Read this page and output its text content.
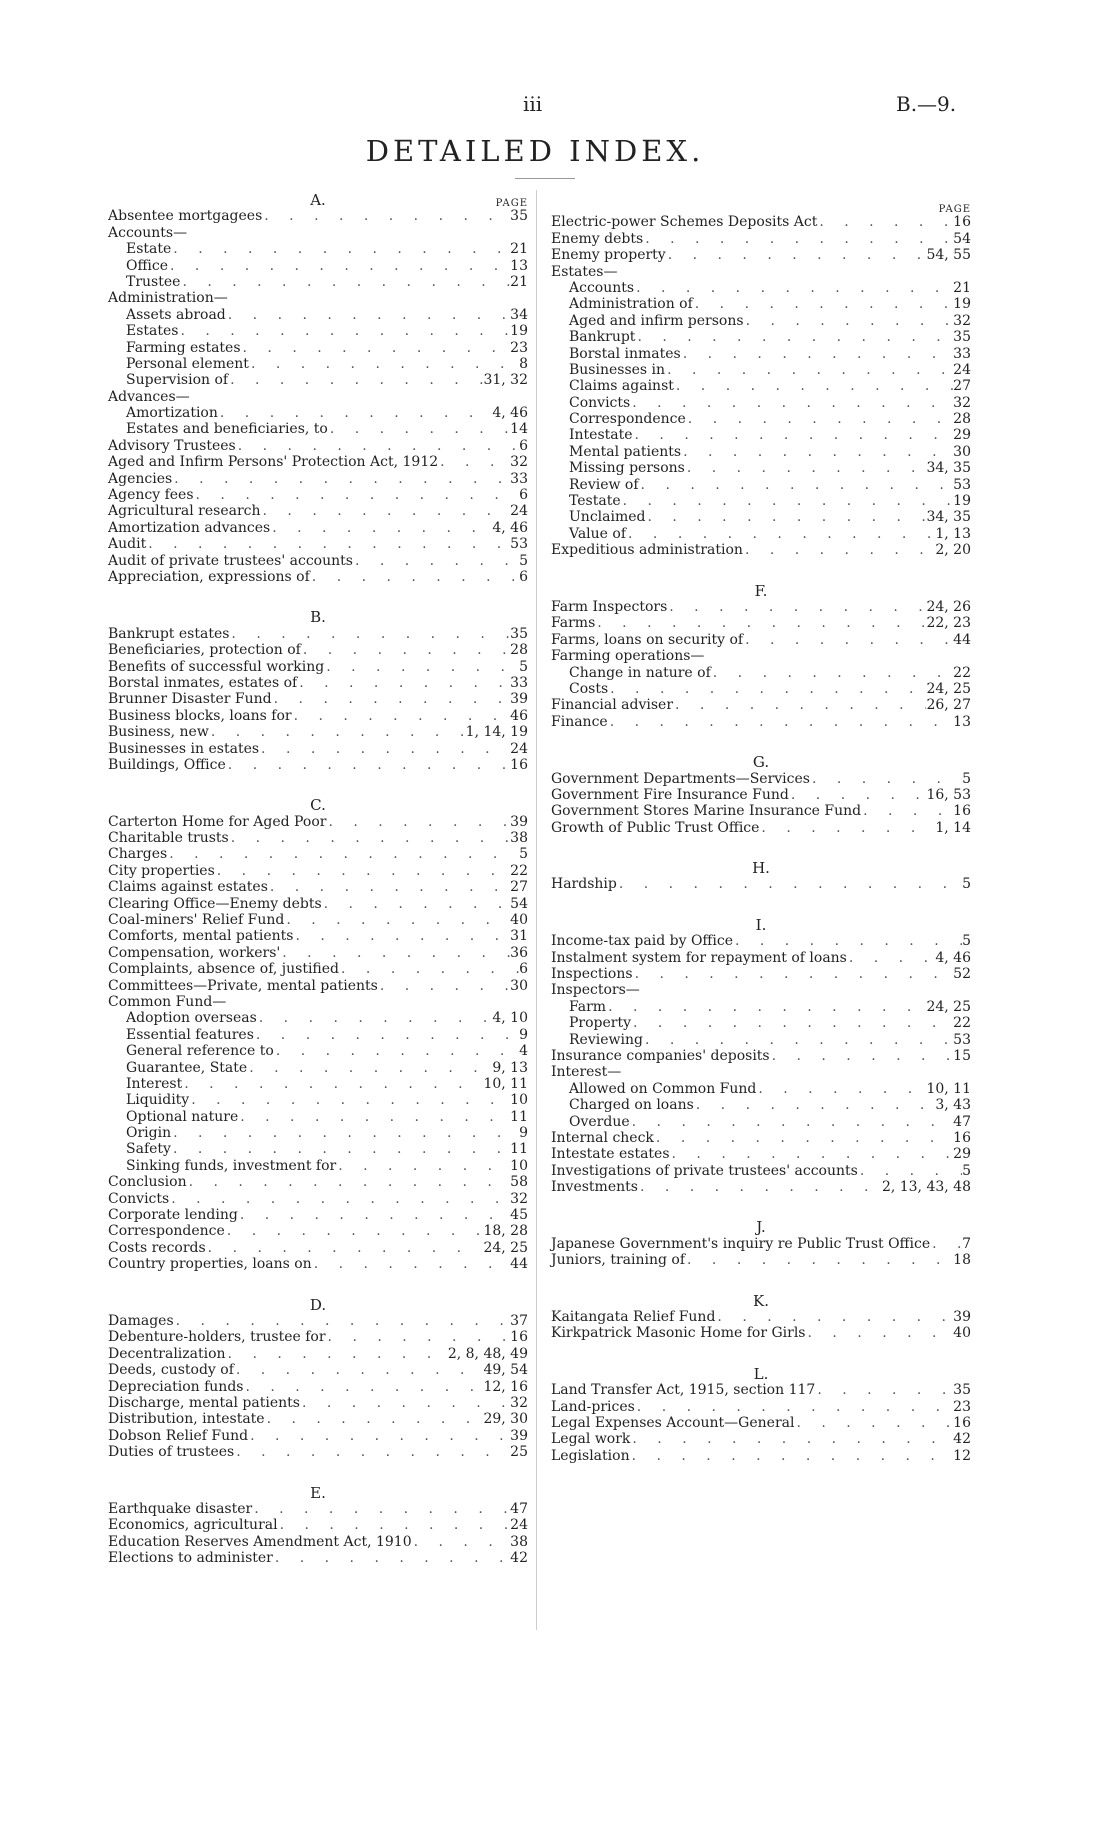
iii	B.—9.
DETAILED INDEX.
A.	PAGE
Absentee mortgagees . . .	35
Accounts—
Estate . . .	21
Office . . .	13
Trustee . . .	21
Administration—
Assets abroad . . .	34
Estates . . .	19
Farming estates . . .	23
Personal element . . .	8
Supervision of . . .	31, 32
Advances—
Amortization . . .	4, 46
Estates and beneficiaries, to . . .	14
Advisory Trustees . . .	6
Aged and Infirm Persons' Protection Act, 1912 . . .	32
Agencies . . .	33
Agency fees . . .	6
Agricultural research . . .	24
Amortization advances . . .	4, 46
Audit . . .	53
Audit of private trustees' accounts . . .	5
Appreciation, expressions of . . .	6
B.
Bankrupt estates . . .	35
Beneficiaries, protection of . . .	28
Benefits of successful working . . .	5
Borstal inmates, estates of . . .	33
Brunner Disaster Fund . . .	39
Business blocks, loans for . . .	46
Business, new . . .	1, 14, 19
Businesses in estates . . .	24
Buildings, Office . . .	16
C.
Carterton Home for Aged Poor . . .	39
Charitable trusts . . .	38
Charges . . .	5
City properties . . .	22
Claims against estates . . .	27
Clearing Office—Enemy debts . . .	54
Coal-miners' Relief Fund . . .	40
Comforts, mental patients . . .	31
Compensation, workers' . . .	36
Complaints, absence of, justified . . .	6
Committees—Private, mental patients . . .	30
Common Fund—
Adoption overseas . . .	4, 10
Essential features . . .	9
General reference to . . .	4
Guarantee, State . . .	9, 13
Interest . . .	10, 11
Liquidity . . .	10
Optional nature . . .	11
Origin . . .	9
Safety . . .	11
Sinking funds, investment for . . .	10
Conclusion . . .	58
Convicts . . .	32
Corporate lending . . .	45
Correspondence . . .	18, 28
Costs records . . .	24, 25
Country properties, loans on . . .	44
D.
Damages . . .	37
Debenture-holders, trustee for . . .	16
Decentralization . . .	2, 8, 48, 49
Deeds, custody of . . .	49, 54
Depreciation funds . . .	12, 16
Discharge, mental patients . . .	32
Distribution, intestate . . .	29, 30
Dobson Relief Fund . . .	39
Duties of trustees . . .	25
E.
Earthquake disaster . . .	47
Economics, agricultural . . .	24
Education Reserves Amendment Act, 1910 . . .	38
Elections to administer . . .	42
PAGE
Electric-power Schemes Deposits Act . . .	16
Enemy debts . . .	54
Enemy property . . .	54, 55
Estates—
Accounts . . .	21
Administration of . . .	19
Aged and infirm persons . . .	32
Bankrupt . . .	35
Borstal inmates . . .	33
Businesses in . . .	24
Claims against . . .	27
Convicts . . .	32
Correspondence . . .	28
Intestate . . .	29
Mental patients . . .	30
Missing persons . . .	34, 35
Review of . . .	53
Testate . . .	19
Unclaimed . . .	34, 35
Value of . . .	1, 13
Expeditious administration . . .	2, 20
F.
Farm Inspectors . . .	24, 26
Farms . . .	22, 23
Farms, loans on security of . . .	44
Farming operations—
Change in nature of . . .	22
Costs . . .	24, 25
Financial adviser . . .	26, 27
Finance . . .	13
G.
Government Departments—Services . . .	5
Government Fire Insurance Fund . . .	16, 53
Government Stores Marine Insurance Fund . . .	16
Growth of Public Trust Office . . .	1, 14
H.
Hardship . . .	5
I.
Income-tax paid by Office . . .	5
Instalment system for repayment of loans . . .	4, 46
Inspections . . .	52
Inspectors—
Farm . . .	24, 25
Property . . .	22
Reviewing . . .	53
Insurance companies' deposits . . .	15
Interest—
Allowed on Common Fund . . .	10, 11
Charged on loans . . .	3, 43
Overdue . . .	47
Internal check . . .	16
Intestate estates . . .	29
Investigations of private trustees' accounts . . .	5
Investments . . .	2, 13, 43, 48
J.
Japanese Government's inquiry re Public Trust Office . . . 7
Juniors, training of . . .	18
K.
Kaitangata Relief Fund . . .	39
Kirkpatrick Masonic Home for Girls . . .	40
L.
Land Transfer Act, 1915, section 117 . . .	35
Land-prices . . .	23
Legal Expenses Account—General . . .	16
Legal work . . .	42
Legislation . . .	12
